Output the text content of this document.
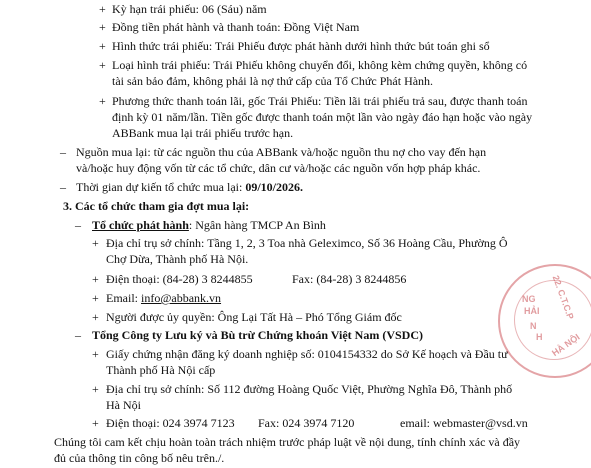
+ Kỳ hạn trái phiếu: 06 (Sáu) năm
+ Đồng tiền phát hành và thanh toán: Đồng Việt Nam
+ Hình thức trái phiếu: Trái Phiếu được phát hành dưới hình thức bút toán ghi sổ
+ Loại hình trái phiếu: Trái Phiếu không chuyển đổi, không kèm chứng quyền, không có
tài sản bảo đảm, không phải là nợ thứ cấp của Tổ Chức Phát Hành.
+ Phương thức thanh toán lãi, gốc Trái Phiếu: Tiền lãi trái phiếu trả sau, được thanh toán
định kỳ 01 năm/lần. Tiền gốc được thanh toán một lần vào ngày đáo hạn hoặc vào ngày
ABBank mua lại trái phiếu trước hạn.
– Nguồn mua lại: từ các nguồn thu của ABBank và/hoặc nguồn thu nợ cho vay đến hạn
và/hoặc huy động vốn từ các tổ chức, dân cư và/hoặc các nguồn vốn hợp pháp khác.
– Thời gian dự kiến tổ chức mua lại: 09/10/2026.
3. Các tổ chức tham gia đợt mua lại:
– Tổ chức phát hành: Ngân hàng TMCP An Bình
+ Địa chỉ trụ sở chính: Tầng 1, 2, 3 Toa nhà Geleximco, Số 36 Hoàng Cầu, Phường Ô
Chợ Dừa, Thành phố Hà Nội.
+ Điện thoại: (84-28) 3 8244855	Fax: (84-28) 3 8244856
+ Email: info@abbank.vn
+ Người được ủy quyền: Ông Lại Tất Hà – Phó Tổng Giám đốc
– Tổng Công ty Lưu ký và Bù trừ Chứng khoán Việt Nam (VSDC)
+ Giấy chứng nhận đăng ký doanh nghiệp số: 0104154332 do Sở Kế hoạch và Đầu tư
Thành phố Hà Nội cấp
+ Địa chỉ trụ sở chính: Số 112 đường Hoàng Quốc Việt, Phường Nghĩa Đô, Thành phố
Hà Nội
+ Điện thoại: 024 3974 7123 Fax: 024 3974 7120	email: webmaster@vsd.vn
Chúng tôi cam kết chịu hoàn toàn trách nhiệm trước pháp luật về nội dung, tính chính xác và đầy
đủ của thông tin công bố nêu trên./.
22. C.T.C.P
NG
HẢI
N
H HÀ NỘI
